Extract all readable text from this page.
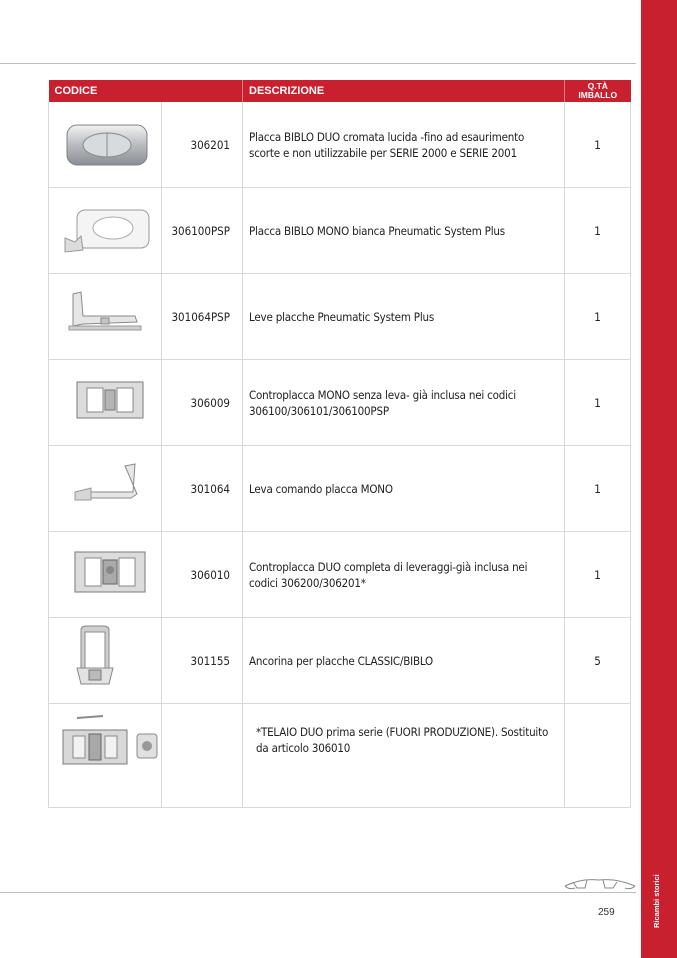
Ricambi storici
CODICE		DESCRIZIONE	Q.TÀ
IMBALLO

	306201	Placca BIBLO DUO cromata lucida -fino ad esaurimento scorte e non utilizzabile per SERIE 2000 e SERIE 2001	1

	306100PSP	Placca BIBLO MONO bianca Pneumatic System Plus	1

	301064PSP	Leve placche Pneumatic System Plus	1

	306009	Controplacca MONO senza leva- già inclusa nei codici 306100/306101/306100PSP	1

	301064	Leva comando placca MONO	1

	306010	Controplacca DUO completa di leveraggi-già inclusa nei codici 306200/306201*	1

	301155	Ancorina per placche CLASSIC/BIBLO	5

		*TELAIO DUO prima serie (FUORI PRODUZIONE). Sostituito da articolo 306010	
259
